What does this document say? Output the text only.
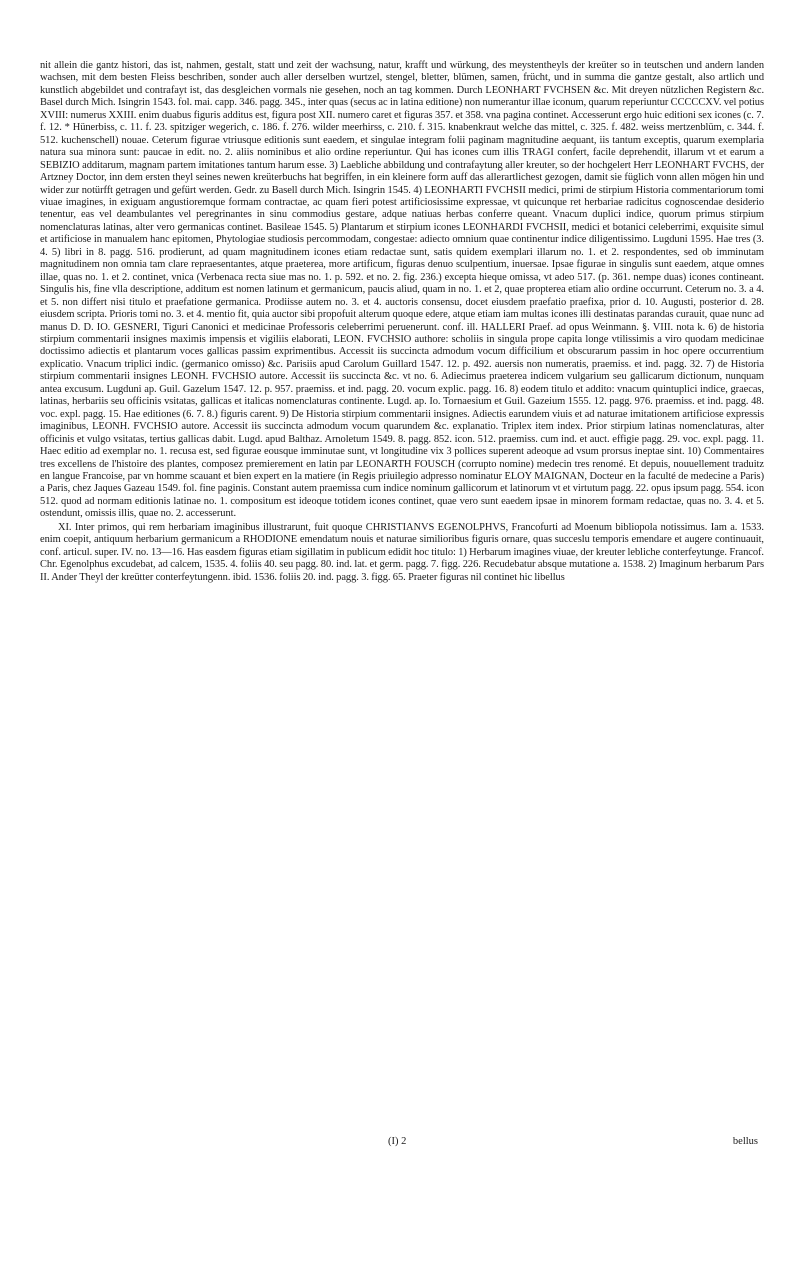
nit allein die gantz histori, das ist, nahmen, gestalt, statt und zeit der wachsung, natur, krafft und würkung, des meystentheyls der kreüter so in teutschen und andern landen wachsen, mit dem besten Fleiss beschriben, sonder auch aller derselben wurtzel, stengel, bletter, blümen, samen, frücht, und in summa die gantze gestalt, also artlich und kunstlich abgebildet und contrafayt ist, das desgleichen vormals nie gesehen, noch an tag kommen. Durch LEONHART FVCHSEN &c. Mit dreyen nützlichen Registern &c. Basel durch Mich. Isingrin 1543. fol. mai. capp. 346. pagg. 345., inter quas (secus ac in latina editione) non numerantur illae iconum, quarum reperiuntur CCCCCXV. vel potius XVIII: numerus XXIII. enim duabus figuris additus est, figura post XII. numero caret et figuras 357. et 358. vna pagina continet. Accesserunt ergo huic editioni sex icones (c. 7. f. 12. * Hünerbiss, c. 11. f. 23. spitziger wegerich, c. 186. f. 276. wilder meerhirss, c. 210. f. 315. knabenkraut welche das mittel, c. 325. f. 482. weiss mertzenblüm, c. 344. f. 512. kuchenschell) nouae. Ceterum figurae vtriusque editionis sunt eaedem, et singulae integram folii paginam magnitudine aequant, iis tantum exceptis, quarum exemplaria natura sua minora sunt: paucae in edit. no. 2. aliis nominibus et alio ordine reperiuntur. Qui has icones cum illis TRAGI confert, facile deprehendit, illarum vt et earum a SEBIZIO additarum, magnam partem imitationes tantum harum esse. 3) Laebliche abbildung und contrafaytung aller kreuter, so der hochgelert Herr LEONHART FVCHS, der Artzney Doctor, inn dem ersten theyl seines newen kreüterbuchs hat begriffen, in ein kleinere form auff das allerartlichest gezogen, damit sie füglich vonn allen mögen hin und wider zur notürfft getragen und gefürt werden. Gedr. zu Basell durch Mich. Isingrin 1545. 4) LEONHARTI FVCHSII medici, primi de stirpium Historia commentariorum tomi viuae imagines, in exiguam angustioremque formam contractae, ac quam fieri potest artificiosissime expressae, vt quicunque ret herbariae radicitus cognoscendae desiderio tenentur, eas vel deambulantes vel peregrinantes in sinu commodius gestare, adque natiuas herbas conferre queant. Vnacum duplici indice, quorum primus stirpium nomenclaturas latinas, alter vero germanicas continet. Basileae 1545. 5) Plantarum et stirpium icones LEONHARDI FVCHSII, medici et botanici celeberrimi, exquisite simul et artificiose in manualem hanc epitomen, Phytologiae studiosis percommodam, congestae: adiecto omnium quae continentur indice diligentissimo. Lugduni 1595. Hae tres (3. 4. 5) libri in 8. pagg. 516. prodierunt, ad quam magnitudinem icones etiam redactae sunt, satis quidem exemplari illarum no. 1. et 2. respondentes, sed ob imminutam magnitudinem non omnia tam clare repraesentantes, atque praeterea, more artificum, figuras denuo sculpentium, inuersae. Ipsae figurae in singulis sunt eaedem, atque omnes illae, quas no. 1. et 2. continet, vnica (Verbenaca recta siue mas no. 1. p. 592. et no. 2. fig. 236.) excepta hieque omissa, vt adeo 517. (p. 361. nempe duas) icones contineant. Singulis his, fine vlla descriptione, additum est nomen latinum et germanicum, paucis aliud, quam in no. 1. et 2, quae propterea etiam alio ordine occurrunt. Ceterum no. 3. a 4. et 5. non differt nisi titulo et praefatione germanica. Prodiisse autem no. 3. et 4. auctoris consensu, docet eiusdem praefatio praefixa, prior d. 10. Augusti, posterior d. 28. eiusdem scripta. Prioris tomi no. 3. et 4. mentio fit, quia auctor sibi propofuit alterum quoque edere, atque etiam iam multas icones illi destinatas parandas curauit, quae nunc ad manus D. D. IO. GESNERI, Tiguri Canonici et medicinae Professoris celeberrimi peruenerunt. conf. ill. HALLERI Praef. ad opus Weinmann. §. VIII. nota k. 6) de historia stirpium commentarii insignes maximis impensis et vigiliis elaborati, LEON. FVCHSIO authore: scholiis in singula prope capita longe vtilissimis a viro quodam medicinae doctissimo adiectis et plantarum voces gallicas passim exprimentibus. Accessit iis succincta admodum vocum difficilium et obscurarum passim in hoc opere occurrentium explicatio. Vnacum triplici indic. (germanico omisso) &c. Parisiis apud Carolum Guillard 1547. 12. p. 492. auersis non numeratis, praemiss. et ind. pagg. 32. 7) de Historia stirpium commentarii insignes LEONH. FVCHSIO autore. Accessit iis succincta &c. vt no. 6. Adiecimus praeterea indicem vulgarium seu gallicarum dictionum, nunquam antea excusum. Lugduni ap. Guil. Gazelum 1547. 12. p. 957. praemiss. et ind. pagg. 20. vocum explic. pagg. 16. 8) eodem titulo et addito: vnacum quintuplici indice, graecas, latinas, herbariis seu officinis vsitatas, gallicas et italicas nomenclaturas continente. Lugd. ap. Io. Tornaesium et Guil. Gazeium 1555. 12. pagg. 976. praemiss. et ind. pagg. 48. voc. expl. pagg. 15. Hae editiones (6. 7. 8.) figuris carent. 9) De Historia stirpium commentarii insignes. Adiectis earundem viuis et ad naturae imitationem artificiose expressis imaginibus, LEONH. FVCHSIO autore. Accessit iis succincta admodum vocum quarundem &c. explanatio. Triplex item index. Prior stirpium latinas nomenclaturas, alter officinis et vulgo vsitatas, tertius gallicas dabit. Lugd. apud Balthaz. Arnoletum 1549. 8. pagg. 852. icon. 512. praemiss. cum ind. et auct. effigie pagg. 29. voc. expl. pagg. 11. Haec editio ad exemplar no. 1. recusa est, sed figurae eousque imminutae sunt, vt longitudine vix 3 pollices superent adeoque ad vsum prorsus ineptae sint. 10) Commentaires tres excellens de l'histoire des plantes, composez premierement en latin par LEONARTH FOUSCH (corrupto nomine) medecin tres renomé. Et depuis, nouuellement traduitz en langue Francoise, par vn homme scauant et bien expert en la matiere (in Regis priuilegio adpresso nominatur ELOY MAIGNAN, Docteur en la faculté de medecine a Paris) a Paris, chez Jaques Gazeau 1549. fol. fine paginis. Constant autem praemissa cum indice nominum gallicorum et latinorum vt et virtutum pagg. 22. opus ipsum pagg. 554. icon 512. quod ad normam editionis latinae no. 1. compositum est ideoque totidem icones continet, quae vero sunt eaedem ipsae in minorem formam redactae, quas no. 3. 4. et 5. ostendunt, omissis illis, quae no. 2. accesserunt.

XI. Inter primos, qui rem herbariam imaginibus illustrarunt, fuit quoque CHRISTIANVS EGENOLPHVS, Francofurti ad Moenum bibliopola notissimus. Iam a. 1533. enim coepit, antiquum herbarium germanicum a RHODIONE emendatum nouis et naturae similioribus figuris ornare, quas succeslu temporis emendare et augere continuauit, conf. articul. super. IV. no. 13—16. Has easdem figuras etiam sigillatim in publicum edidit hoc titulo: 1) Herbarum imagines viuae, der kreuter lebliche conterfeytunge. Francof. Chr. Egenolphus excudebat, ad calcem, 1535. 4. foliis 40. seu pagg. 80. ind. lat. et germ. pagg. 7. figg. 226. Recudebatur absque mutatione a. 1538. 2) Imaginum herbarum Pars II. Ander Theyl der kreütter conterfeytungenn. ibid. 1536. foliis 20. ind. pagg. 3. figg. 65. Praeter figuras nil continet hic libellus

(I) 2	bellus
